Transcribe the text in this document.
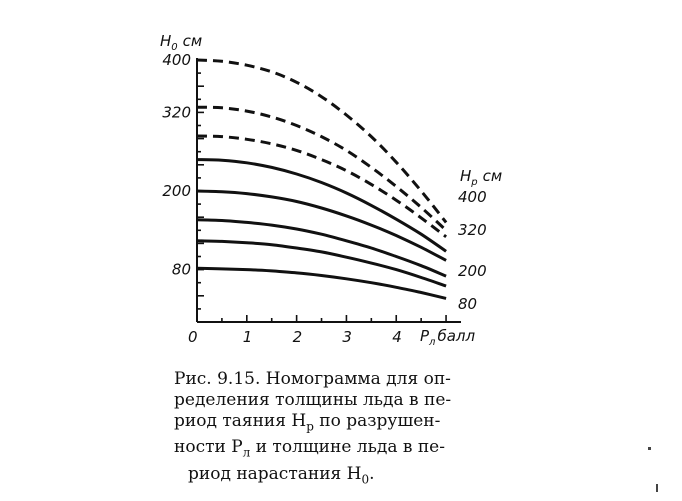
0	1	2	3	4
80
200
320
400
$H_0$ см
$P_л$ балл
$H_р$ см
400
320
200
80
Рис. 9.15. Номограмма для оп-
ределения толщины льда в пе-
риод таяния $H_р$ по разрушен-
ности $P_л$ и толщине льда в пе-
риод нарастания $H_0$.
